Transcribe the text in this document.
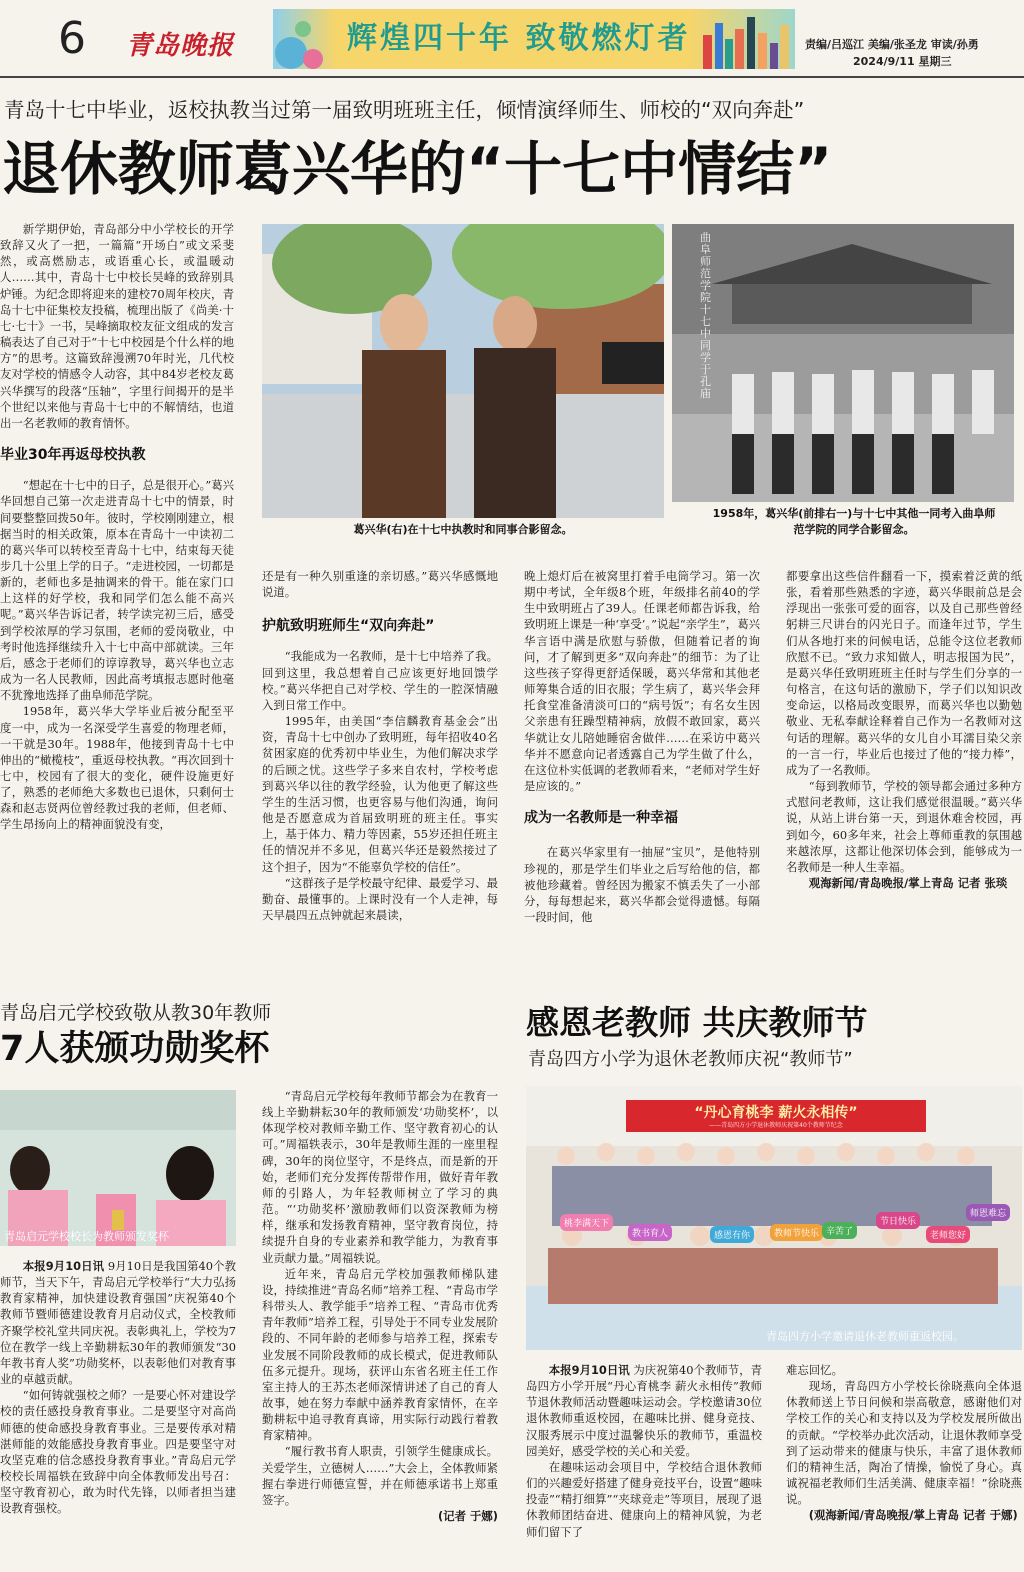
6 青岛晚报	辉煌四十年 致敬燃灯者	责编/吕巡江 美编/张圣龙 审读/孙勇
2024/9/11 星期三
青岛十七中毕业，返校执教当过第一届致明班班主任，倾情演绎师生、师校的“双向奔赴”
退休教师葛兴华的“十七中情结”

新学期伊始，青岛部分中小学校长的开学致辞又火了一把，一篇篇“开场白”或文采斐然，或高燃励志，或语重心长，或温暖动人……其中，青岛十七中校长吴峰的致辞别具炉锤。为纪念即将迎来的建校70周年校庆，青岛十七中征集校友投稿，梳理出版了《尚美·十七·七十》一书，吴峰摘取校友征文组成的发言稿表达了自己对于“十七中校园是个什么样的地方”的思考。这篇致辞漫溯70年时光，几代校友对学校的情感令人动容，其中84岁老校友葛兴华撰写的段落“压轴”，字里行间揭开的是半个世纪以来他与青岛十七中的不解情结，也道出一名老教师的教育情怀。

毕业30年再返母校执教

“想起在十七中的日子，总是很开心。”葛兴华回想自己第一次走进青岛十七中的情景，时间要整整回拨50年。彼时，学校刚刚建立，根据当时的相关政策，原本在青岛十一中读初二的葛兴华可以转校至青岛十七中，结束每天徒步几十公里上学的日子。“走进校园，一切都是新的，老师也多是抽调来的骨干。能在家门口上这样的好学校，我和同学们怎么能不高兴呢。”葛兴华告诉记者，转学读完初三后，感受到学校浓厚的学习氛围，老师的爱岗敬业，中考时他选择继续升入十七中高中部就读。三年后，感念于老师们的谆谆教导，葛兴华也立志成为一名人民教师，因此高考填报志愿时他毫不犹豫地选择了曲阜师范学院。

1958年，葛兴华大学毕业后被分配至平度一中，成为一名深受学生喜爱的物理老师，一干就是30年。1988年，他接到青岛十七中伸出的“橄榄枝”，重返母校执教。“再次回到十七中，校园有了很大的变化，硬件设施更好了，熟悉的老师绝大多数也已退休，只剩何士森和赵志贤两位曾经教过我的老师，但老师、学生昂扬向上的精神面貌没有变，

葛兴华(右)在十七中执教时和同事合影留念。
曲阜师范学院十七中同学于孔庙
1958年，葛兴华(前排右一)与十七中其他一同考入曲阜师范学院的同学合影留念。

还是有一种久别重逢的亲切感。”葛兴华感慨地说道。

护航致明班师生“双向奔赴”

“我能成为一名教师，是十七中培养了我。回到这里，我总想着自己应该更好地回馈学校。”葛兴华把自己对学校、学生的一腔深情融入到日常工作中。

1995年，由美国“李信麟教育基金会”出资，青岛十七中创办了致明班，每年招收40名贫困家庭的优秀初中毕业生，为他们解决求学的后顾之忧。这些学子多来自农村，学校考虑到葛兴华以往的教学经验，认为他更了解这些学生的生活习惯，也更容易与他们沟通，询问他是否愿意成为首届致明班的班主任。事实上，基于体力、精力等因素，55岁还担任班主任的情况并不多见，但葛兴华还是毅然接过了这个担子，因为“不能辜负学校的信任”。

“这群孩子是学校最守纪律、最爱学习、最勤奋、最懂事的。上课时没有一个人走神，每天早晨四五点钟就起来晨读，

晚上熄灯后在被窝里打着手电筒学习。第一次期中考试，全年级8个班，年级排名前40的学生中致明班占了39人。任课老师都告诉我，给致明班上课是一种‘享受’。”说起“亲学生”，葛兴华言语中满是欣慰与骄傲，但随着记者的询问，才了解到更多“双向奔赴”的细节：为了让这些孩子穿得更舒适保暖，葛兴华常和其他老师筹集合适的旧衣服；学生病了，葛兴华会拜托食堂准备清淡可口的“病号饭”；有名女生因父亲患有狂躁型精神病，放假不敢回家，葛兴华就让女儿陪她睡宿舍做伴……在采访中葛兴华并不愿意向记者透露自己为学生做了什么，在这位朴实低调的老教师看来，“老师对学生好是应该的。”

成为一名教师是一种幸福

在葛兴华家里有一抽屉“宝贝”，是他特别珍视的，那是学生们毕业之后写给他的信，都被他珍藏着。曾经因为搬家不慎丢失了一小部分，每每想起来，葛兴华都会觉得遗憾。每隔一段时间，他

都要拿出这些信件翻看一下，摸索着泛黄的纸张，看着那些熟悉的字迹，葛兴华眼前总是会浮现出一张张可爱的面容，以及自己那些曾经躬耕三尺讲台的闪光日子。而逢年过节，学生们从各地打来的问候电话，总能令这位老教师欣慰不已。“致力求知做人，明志报国为民”，是葛兴华任致明班班主任时与学生们分享的一句格言，在这句话的激励下，学子们以知识改变命运，以格局改变眼界，而葛兴华也以勤勉敬业、无私奉献诠释着自己作为一名教师对这句话的理解。葛兴华的女儿自小耳濡目染父亲的一言一行，毕业后也接过了他的“接力棒”，成为了一名教师。

“每到教师节，学校的领导都会通过多种方式慰问老教师，这让我们感觉很温暖。”葛兴华说，从站上讲台第一天，到退休难舍校园，再到如今，60多年来，社会上尊师重教的氛围越来越浓厚，这都让他深切体会到，能够成为一名教师是一种人生幸福。

观海新闻/青岛晚报/掌上青岛 记者 张琰

青岛启元学校致敬从教30年教师
7人获颁功勋奖杯
青岛启元学校校长为教师颁发奖杯

本报9月10日讯 9月10日是我国第40个教师节，当天下午，青岛启元学校举行“大力弘扬教育家精神，加快建设教育强国”庆祝第40个教师节暨师德建设教育月启动仪式，全校教师齐聚学校礼堂共同庆祝。表彰典礼上，学校为7位在教学一线上辛勤耕耘30年的教师颁发“30年教书育人奖”功勋奖杯，以表彰他们对教育事业的卓越贡献。

“如何铸就强校之师？一是要心怀对建设学校的责任感投身教育事业。二是要坚守对高尚师德的使命感投身教育事业。三是要传承对精湛师能的效能感投身教育事业。四是要坚守对攻坚克难的信念感投身教育事业。”青岛启元学校校长周福轶在致辞中向全体教师发出号召：坚守教育初心，敢为时代先锋，以师者担当建设教育强校。

“青岛启元学校每年教师节都会为在教育一线上辛勤耕耘30年的教师颁发‘功勋奖杯’，以体现学校对教师辛勤工作、坚守教育初心的认可。”周福轶表示，30年是教师生涯的一座里程碑，30年的岗位坚守，不是终点，而是新的开始，老师们充分发挥传帮带作用，做好青年教师的引路人，为年轻教师树立了学习的典范。“‘功勋奖杯’激励教师们以资深教师为榜样，继承和发扬教育精神，坚守教育岗位，持续提升自身的专业素养和教学能力，为教育事业贡献力量。”周福轶说。

近年来，青岛启元学校加强教师梯队建设，持续推进“青岛名师”培养工程、“青岛市学科带头人、教学能手”培养工程、“青岛市优秀青年教师”培养工程，引导处于不同专业发展阶段的、不同年龄的老师参与培养工程，探索专业发展不同阶段教师的成长模式，促进教师队伍多元提升。现场，获评山东省名班主任工作室主持人的王苏杰老师深情讲述了自己的育人故事，她在努力奉献中涵养教育家情怀，在辛勤耕耘中追寻教育真谛，用实际行动践行着教育家精神。

“履行教书育人职责，引领学生健康成长。关爱学生，立德树人……”大会上，全体教师紧握右拳进行师德宣誓，并在师德承诺书上郑重签字。

(记者 于娜)

感恩老教师 共庆教师节
青岛四方小学为退休老教师庆祝“教师节”
“丹心育桃李 薪火永相传”
——青岛四方小学退休教师庆祝第40个教师节纪念
桃李满天下
教书育人	感恩有你	教师节快乐 辛苦了
节日快乐
老师您好
师恩难忘
青岛四方小学邀请退休老教师重返校园。

本报9月10日讯 为庆祝第40个教师节，青岛四方小学开展“丹心育桃李 薪火永相传”教师节退休教师活动暨趣味运动会。学校邀请30位退休教师重返校园，在趣味比拼、健身竞技、汉服秀展示中度过温馨快乐的教师节，重温校园美好，感受学校的关心和关爱。

在趣味运动会项目中，学校结合退休教师们的兴趣爱好搭建了健身竞技平台，设置“趣味投壶”“精打细算”“夹球竞走”等项目，展现了退休教师团结奋进、健康向上的精神风貌，为老师们留下了

难忘回忆。

现场，青岛四方小学校长徐晓燕向全体退休教师送上节日问候和崇高敬意，感谢他们对学校工作的关心和支持以及为学校发展所做出的贡献。“学校举办此次活动，让退休教师享受到了运动带来的健康与快乐，丰富了退休教师们的精神生活，陶冶了情操，愉悦了身心。真诚祝福老教师们生活美满、健康幸福！”徐晓燕说。

(观海新闻/青岛晚报/掌上青岛 记者 于娜)
